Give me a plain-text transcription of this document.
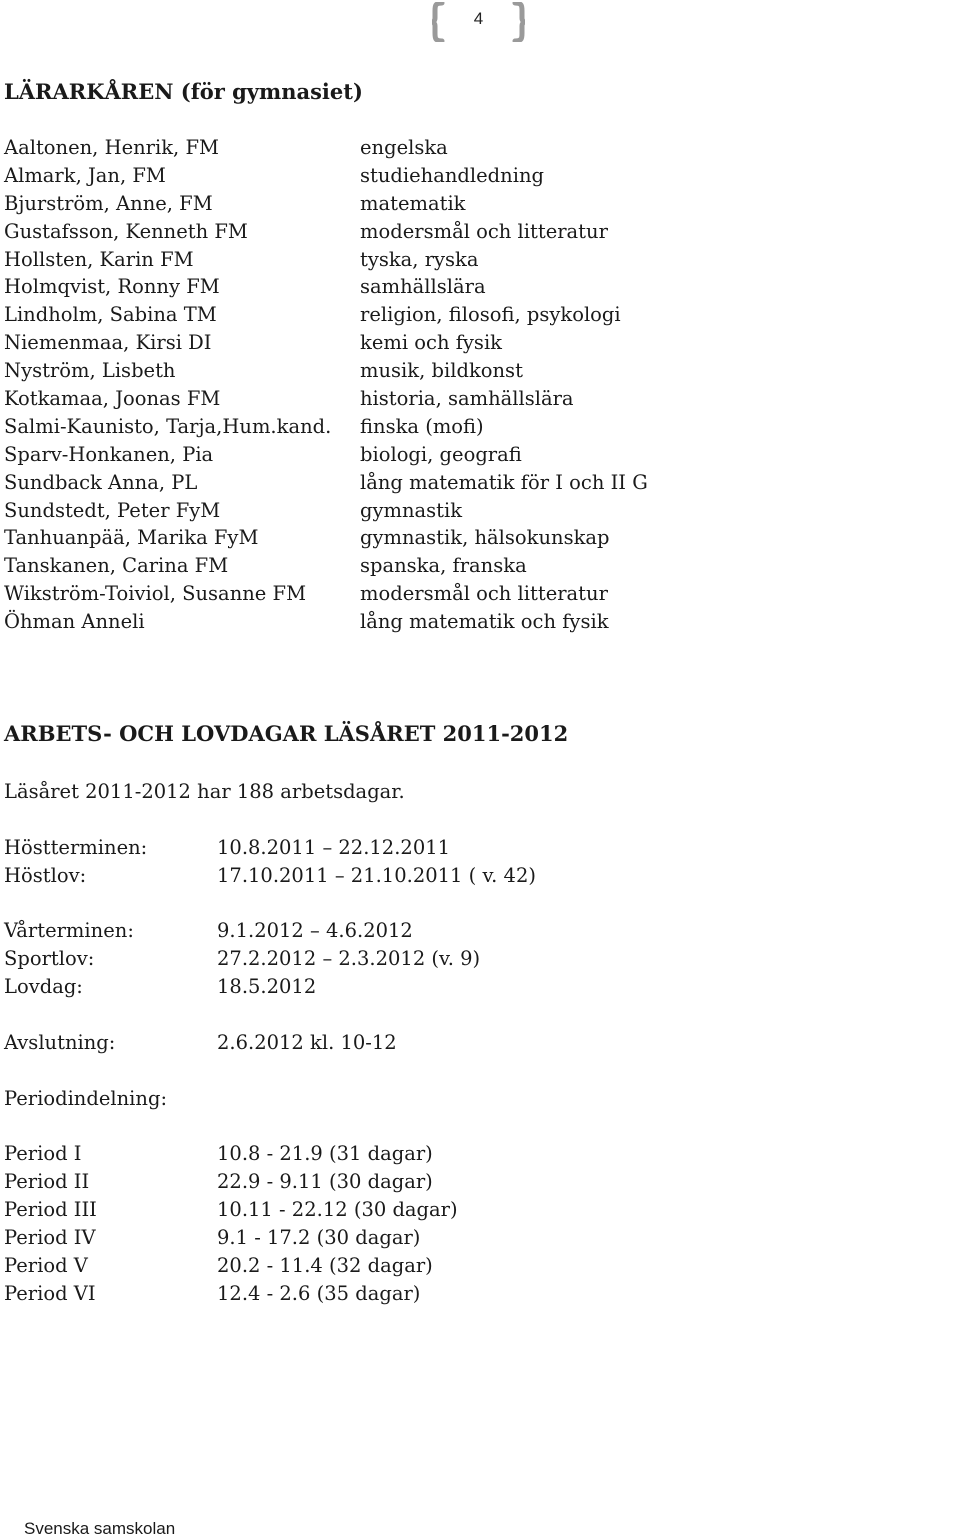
4
LÄRARKÅREN (för gymnasiet)
Aaltonen, Henrik, FM	engelska
Almark, Jan, FM	studiehandledning
Bjurström, Anne, FM	matematik
Gustafsson, Kenneth FM	modersmål och litteratur
Hollsten, Karin FM	tyska, ryska
Holmqvist, Ronny FM	samhällslära
Lindholm, Sabina TM	religion, filosofi, psykologi
Niemenmaa, Kirsi DI	kemi och fysik
Nyström, Lisbeth	musik, bildkonst
Kotkamaa, Joonas FM	historia, samhällslära
Salmi-Kaunisto, Tarja,Hum.kand.	finska (mofi)
Sparv-Honkanen, Pia	biologi, geografi
Sundback Anna, PL	lång matematik för I och II G
Sundstedt, Peter FyM	gymnastik
Tanhuanpää, Marika FyM	gymnastik, hälsokunskap
Tanskanen, Carina FM	spanska, franska
Wikström-Toiviol, Susanne FM	modersmål och litteratur
Öhman Anneli	lång matematik och fysik
ARBETS- OCH LOVDAGAR LÄSÅRET 2011-2012
Läsåret 2011-2012 har 188 arbetsdagar.
Höstterminen:	10.8.2011 – 22.12.2011
Höstlov:	17.10.2011 – 21.10.2011 ( v. 42)
Vårterminen:	9.1.2012 – 4.6.2012
Sportlov:	27.2.2012 – 2.3.2012 (v. 9)
Lovdag:	18.5.2012
Avslutning:	2.6.2012 kl. 10-12
Periodindelning:
Period I	10.8 - 21.9 (31 dagar)
Period II	22.9 - 9.11 (30 dagar)
Period III	10.11 - 22.12 (30 dagar)
Period IV	9.1 - 17.2 (30 dagar)
Period V	20.2 - 11.4 (32 dagar)
Period VI	12.4 - 2.6 (35 dagar)
Svenska samskolan
